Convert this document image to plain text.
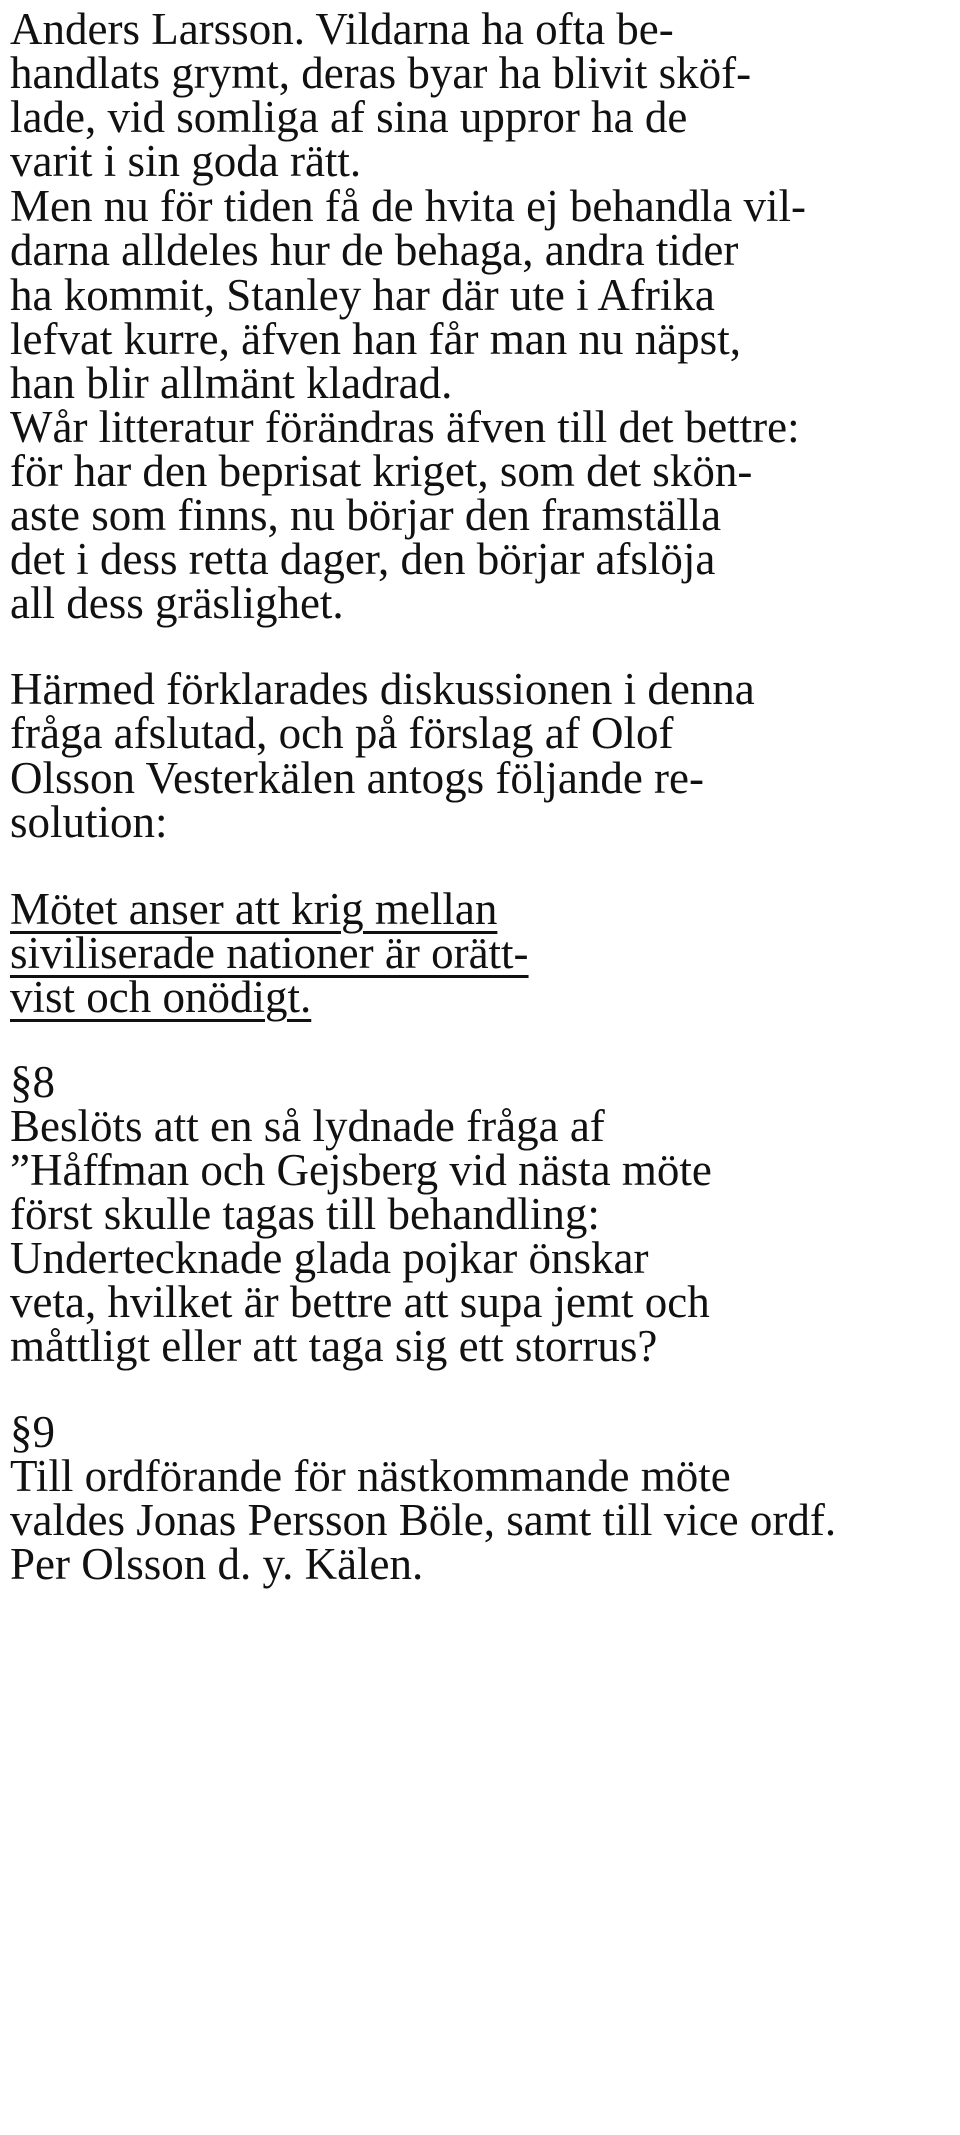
Anders Larsson. Vildarna ha ofta be-
handlats grymt, deras byar ha blivit sköf-
lade, vid somliga af sina uppror ha de
varit i sin goda rätt.
Men nu för tiden få de hvita ej behandla vil-
darna alldeles hur de behaga, andra tider
ha kommit, Stanley har där ute i Afrika
lefvat kurre, äfven han får man nu näpst,
han blir allmänt kladrad.
Wår litteratur förändras äfven till det bettre:
för har den beprisat kriget, som det skön-
aste som finns, nu börjar den framställa
det i dess retta dager, den börjar afslöja
all dess gräslighet.
Härmed förklarades diskussionen i denna
fråga afslutad, och på förslag af Olof
Olsson Vesterkälen antogs följande re-
solution:
Mötet anser att krig mellan
siviliserade nationer är orätt-
vist och onödigt.
§8
Beslöts att en så lydnade fråga af
”Håffman och Gejsberg vid nästa möte
först skulle tagas till behandling:
Undertecknade glada pojkar önskar
veta, hvilket är bettre att supa jemt och
måttligt eller att taga sig ett storrus?
§9
Till ordförande för nästkommande möte
valdes Jonas Persson Böle, samt till vice ordf.
Per Olsson d. y. Kälen.
